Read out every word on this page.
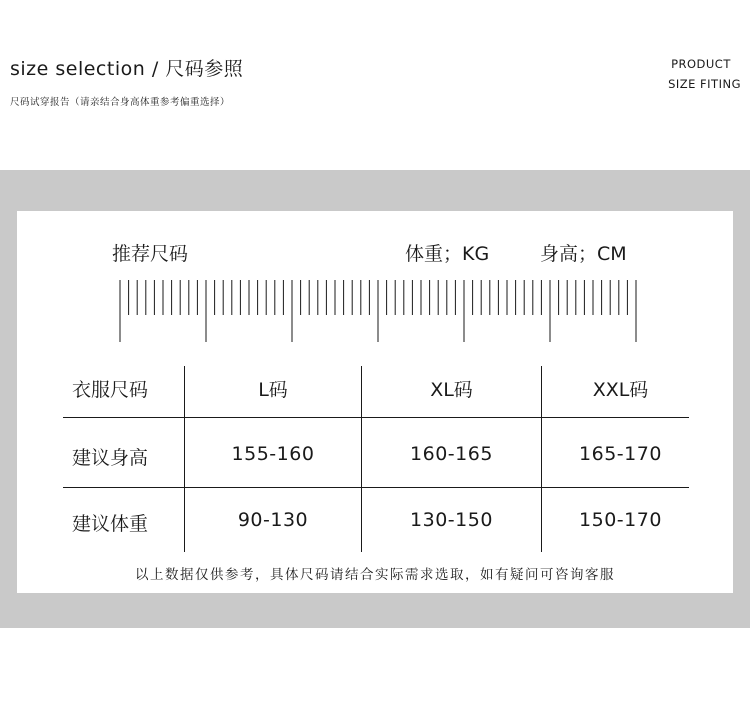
size selection / 尺码参照
尺码试穿报告（请亲结合身高体重参考偏重选择）
PRODUCT
SIZE FITING
推荐尺码	体重；KG	身高；CM
衣服尺码	L码	XL码	XXL码
建议身高	155-160	160-165	165-170
建议体重	90-130	130-150	150-170
以上数据仅供参考，具体尺码请结合实际需求选取，如有疑问可咨询客服
